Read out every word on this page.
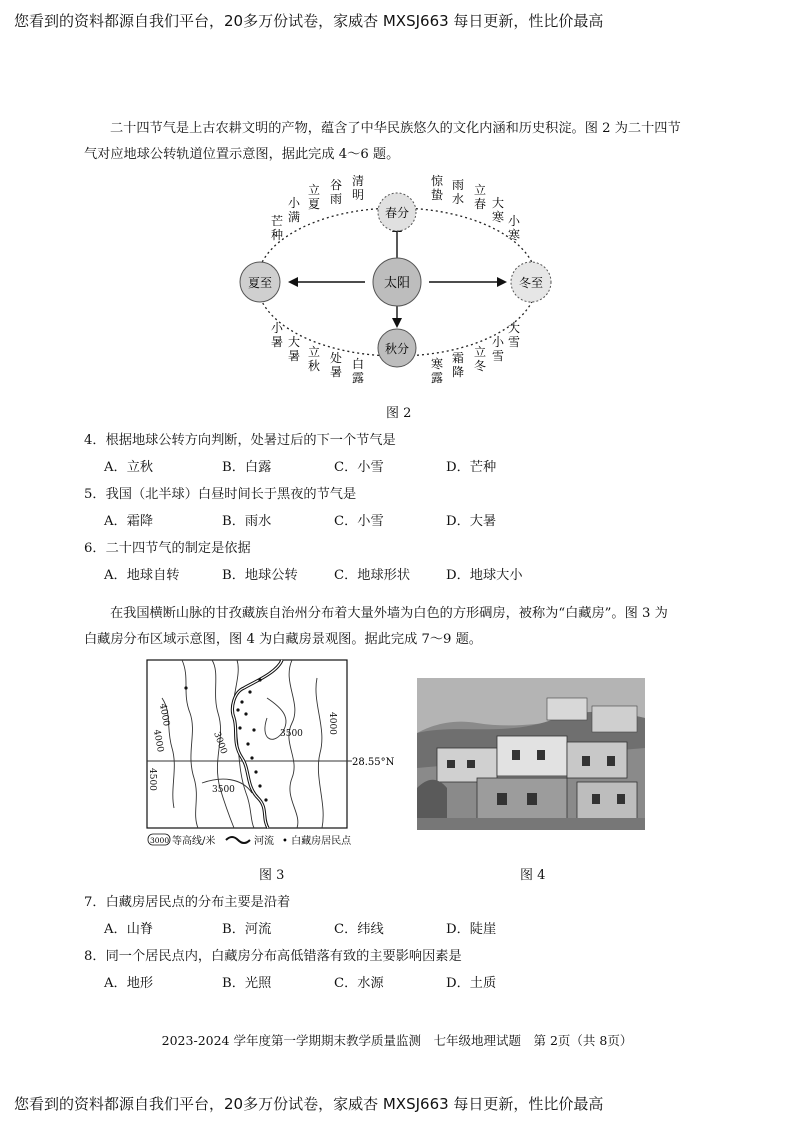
您看到的资料都源自我们平台，20多万份试卷，家威杏 MXSJ663 每日更新，性比价最高
二十四节气是上古农耕文明的产物，蕴含了中华民族悠久的文化内涵和历史积淀。图 2 为二十四节
气对应地球公转轨道位置示意图，据此完成 4～6 题。
太阳
春分
夏至
秋分
冬至
芒种
小满
立夏
谷雨
清明
惊蛰
雨水
立春 大寒 小寒
小暑 大暑 立秋
处暑
白露
寒露
霜降
立冬
小雪
大雪
图 2
4．根据地球公转方向判断，处暑过后的下一个节气是
A．立秋	B．白露	C．小雪	D．芒种
5．我国（北半球）白昼时间长于黑夜的节气是
A．霜降	B．雨水	C．小雪	D．大暑
6．二十四节气的制定是依据
A．地球自转	B．地球公转	C．地球形状	D．地球大小
在我国横断山脉的甘孜藏族自治州分布着大量外墙为白色的方形碉房，被称为“白藏房”。图 3 为
白藏房分布区域示意图，图 4 为白藏房景观图。据此完成 7～9 题。
4000
4000	3000	3500	4000
3500
4500
28.55°N
3000 等高线/米	河流 • 白藏房居民点
图 3	图 4
7．白藏房居民点的分布主要是沿着
A．山脊	B．河流	C．纬线	D．陡崖
8．同一个居民点内，白藏房分布高低错落有致的主要影响因素是
A．地形	B．光照	C．水源	D．土质
2023-2024 学年度第一学期期末教学质量监测　七年级地理试题　第 2页（共 8页）
您看到的资料都源自我们平台，20多万份试卷，家威杏 MXSJ663 每日更新，性比价最高
